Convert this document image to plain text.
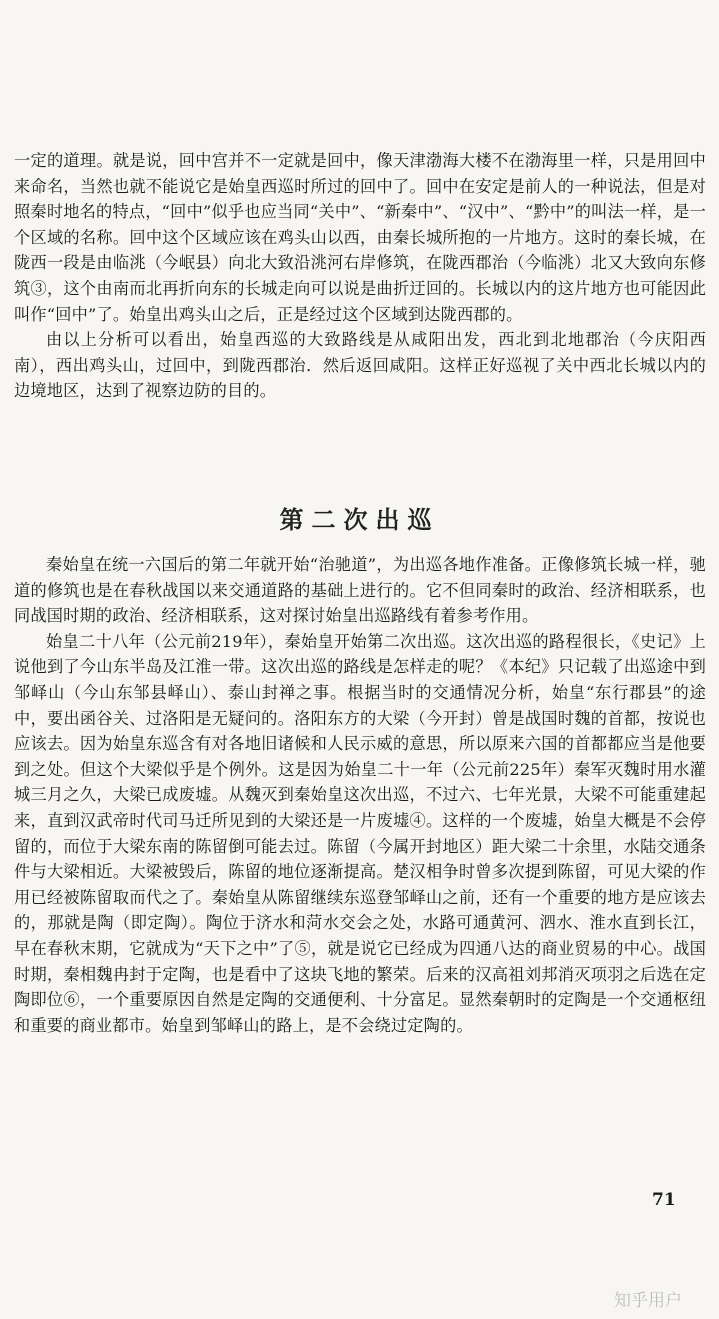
一定的道理。就是说，回中宫并不一定就是回中，像天津渤海大楼不在渤海里一样，只是用回中来命名，当然也就不能说它是始皇西巡时所过的回中了。回中在安定是前人的一种说法，但是对照秦时地名的特点，“回中”似乎也应当同“关中”、“新秦中”、“汉中”、“黔中”的叫法一样，是一个区域的名称。回中这个区域应该在鸡头山以西，由秦长城所抱的一片地方。这时的秦长城，在陇西一段是由临洮（今岷县）向北大致沿洮河右岸修筑，在陇西郡治（今临洮）北又大致向东修筑③，这个由南而北再折向东的长城走向可以说是曲折迂回的。长城以内的这片地方也可能因此叫作“回中”了。始皇出鸡头山之后，正是经过这个区域到达陇西郡的。

由以上分析可以看出，始皇西巡的大致路线是从咸阳出发，西北到北地郡治（今庆阳西南），西出鸡头山，过回中，到陇西郡治．然后返回咸阳。这样正好巡视了关中西北长城以内的边境地区，达到了视察边防的目的。

第二次出巡

秦始皇在统一六国后的第二年就开始“治驰道”，为出巡各地作准备。正像修筑长城一样，驰道的修筑也是在春秋战国以来交通道路的基础上进行的。它不但同秦时的政治、经济相联系，也同战国时期的政治、经济相联系，这对探讨始皇出巡路线有着参考作用。

始皇二十八年（公元前219年），秦始皇开始第二次出巡。这次出巡的路程很长，《史记》上说他到了今山东半岛及江淮一带。这次出巡的路线是怎样走的呢？《本纪》只记载了出巡途中到邹峄山（今山东邹县峄山）、泰山封禅之事。根据当时的交通情况分析，始皇“东行郡县”的途中，要出函谷关、过洛阳是无疑问的。洛阳东方的大梁（今开封）曾是战国时魏的首都，按说也应该去。因为始皇东巡含有对各地旧诸候和人民示威的意思，所以原来六国的首都都应当是他要到之处。但这个大梁似乎是个例外。这是因为始皇二十一年（公元前225年）秦军灭魏时用水灌城三月之久，大梁已成废墟。从魏灭到秦始皇这次出巡，不过六、七年光景，大梁不可能重建起来，直到汉武帝时代司马迁所见到的大梁还是一片废墟④。这样的一个废墟，始皇大概是不会停留的，而位于大梁东南的陈留倒可能去过。陈留（今属开封地区）距大梁二十余里，水陆交通条件与大梁相近。大梁被毁后，陈留的地位逐渐提高。楚汉相争时曾多次提到陈留，可见大梁的作用已经被陈留取而代之了。秦始皇从陈留继续东巡登邹峄山之前，还有一个重要的地方是应该去的，那就是陶（即定陶）。陶位于济水和菏水交会之处，水路可通黄河、泗水、淮水直到长江，早在春秋末期，它就成为“天下之中”了⑤，就是说它已经成为四通八达的商业贸易的中心。战国时期，秦相魏冉封于定陶，也是看中了这块飞地的繁荣。后来的汉高祖刘邦消灭项羽之后选在定陶即位⑥，一个重要原因自然是定陶的交通便利、十分富足。显然秦朝时的定陶是一个交通枢纽和重要的商业都市。始皇到邹峄山的路上，是不会绕过定陶的。

71
知乎用户
